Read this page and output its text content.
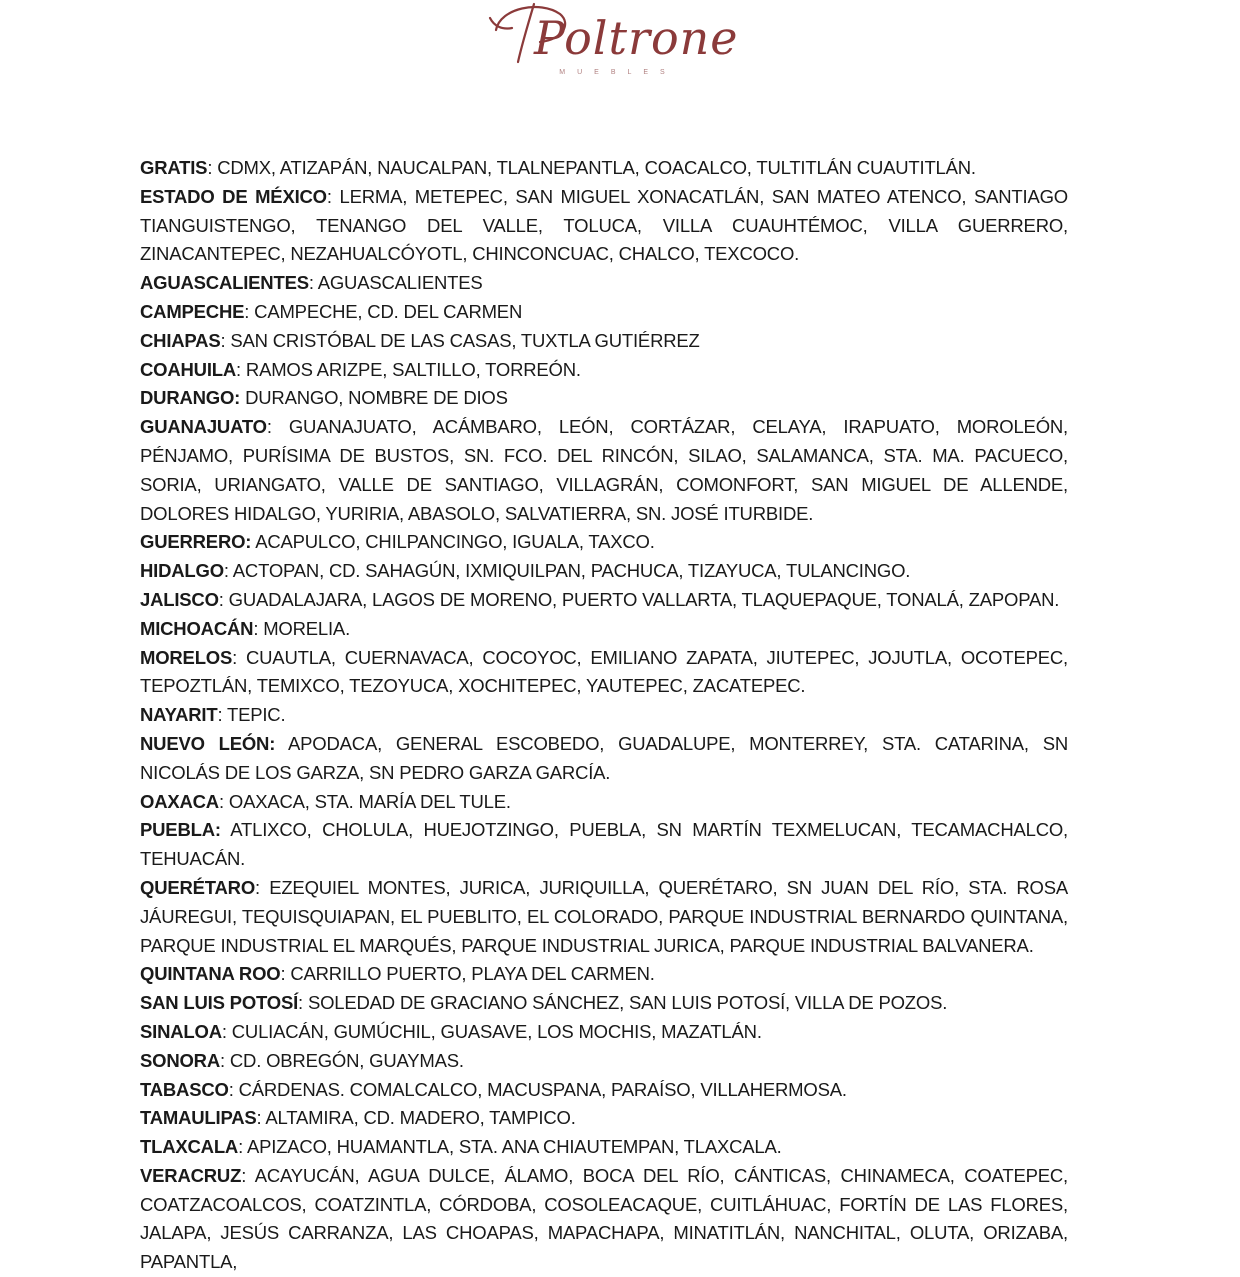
Poltrone
MUEBLES

GRATIS: CDMX, ATIZAPÁN, NAUCALPAN, TLALNEPANTLA, COACALCO, TULTITLÁN CUAUTITLÁN.

ESTADO DE MÉXICO: LERMA, METEPEC, SAN MIGUEL XONACATLÁN, SAN MATEO ATENCO, SANTIAGO TIANGUISTENGO, TENANGO DEL VALLE, TOLUCA, VILLA CUAUHTÉMOC, VILLA GUERRERO, ZINACANTEPEC, NEZAHUALCÓYOTL, CHINCONCUAC, CHALCO, TEXCOCO.

AGUASCALIENTES: AGUASCALIENTES

CAMPECHE: CAMPECHE, CD. DEL CARMEN

CHIAPAS: SAN CRISTÓBAL DE LAS CASAS, TUXTLA GUTIÉRREZ

COAHUILA: RAMOS ARIZPE, SALTILLO, TORREÓN.

DURANGO: DURANGO, NOMBRE DE DIOS

GUANAJUATO: GUANAJUATO, ACÁMBARO, LEÓN, CORTÁZAR, CELAYA, IRAPUATO, MOROLEÓN, PÉNJAMO, PURÍSIMA DE BUSTOS, SN. FCO. DEL RINCÓN, SILAO, SALAMANCA, STA. MA. PACUECO, SORIA, URIANGATO, VALLE DE SANTIAGO, VILLAGRÁN, COMONFORT, SAN MIGUEL DE ALLENDE, DOLORES HIDALGO, YURIRIA, ABASOLO, SALVATIERRA, SN. JOSÉ ITURBIDE.

GUERRERO: ACAPULCO, CHILPANCINGO, IGUALA, TAXCO.

HIDALGO: ACTOPAN, CD. SAHAGÚN, IXMIQUILPAN, PACHUCA, TIZAYUCA, TULANCINGO.

JALISCO: GUADALAJARA, LAGOS DE MORENO, PUERTO VALLARTA, TLAQUEPAQUE, TONALÁ, ZAPOPAN.

MICHOACÁN: MORELIA.

MORELOS: CUAUTLA, CUERNAVACA, COCOYOC, EMILIANO ZAPATA, JIUTEPEC, JOJUTLA, OCOTEPEC, TEPOZTLÁN, TEMIXCO, TEZOYUCA, XOCHITEPEC, YAUTEPEC, ZACATEPEC.

NAYARIT: TEPIC.

NUEVO LEÓN: APODACA, GENERAL ESCOBEDO, GUADALUPE, MONTERREY, STA. CATARINA, SN NICOLÁS DE LOS GARZA, SN PEDRO GARZA GARCÍA.

OAXACA: OAXACA, STA. MARÍA DEL TULE.

PUEBLA: ATLIXCO, CHOLULA, HUEJOTZINGO, PUEBLA, SN MARTÍN TEXMELUCAN, TECAMACHALCO, TEHUACÁN.

QUERÉTARO: EZEQUIEL MONTES, JURICA, JURIQUILLA, QUERÉTARO, SN JUAN DEL RÍO, STA. ROSA JÁUREGUI, TEQUISQUIAPAN, EL PUEBLITO, EL COLORADO, PARQUE INDUSTRIAL BERNARDO QUINTANA, PARQUE INDUSTRIAL EL MARQUÉS, PARQUE INDUSTRIAL JURICA, PARQUE INDUSTRIAL BALVANERA.

QUINTANA ROO: CARRILLO PUERTO, PLAYA DEL CARMEN.

SAN LUIS POTOSÍ: SOLEDAD DE GRACIANO SÁNCHEZ, SAN LUIS POTOSÍ, VILLA DE POZOS.

SINALOA: CULIACÁN, GUMÚCHIL, GUASAVE, LOS MOCHIS, MAZATLÁN.

SONORA: CD. OBREGÓN, GUAYMAS.

TABASCO: CÁRDENAS. COMALCALCO, MACUSPANA, PARAÍSO, VILLAHERMOSA.

TAMAULIPAS: ALTAMIRA, CD. MADERO, TAMPICO.

TLAXCALA: APIZACO, HUAMANTLA, STA. ANA CHIAUTEMPAN, TLAXCALA.

VERACRUZ: ACAYUCÁN, AGUA DULCE, ÁLAMO, BOCA DEL RÍO, CÁNTICAS, CHINAMECA, COATEPEC, COATZACOALCOS, COATZINTLA, CÓRDOBA, COSOLEACAQUE, CUITLÁHUAC, FORTÍN DE LAS FLORES, JALAPA, JESÚS CARRANZA, LAS CHOAPAS, MAPACHAPA, MINATITLÁN, NANCHITAL, OLUTA, ORIZABA, PAPANTLA,
